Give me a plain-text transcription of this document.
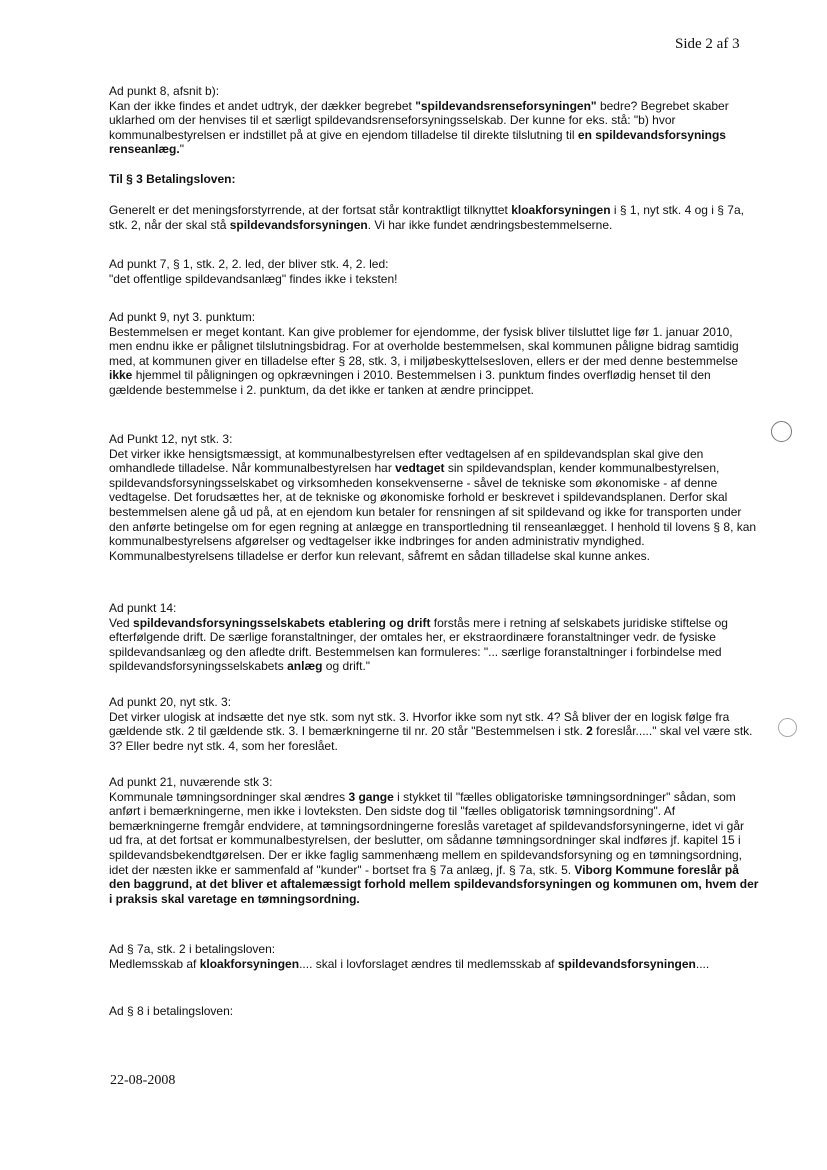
Side 2 af 3

Ad punkt 8, afsnit b):

Kan der ikke findes et andet udtryk, der dækker begrebet "spildevandsrenseforsyningen" bedre? Begrebet skaber uklarhed om der henvises til et særligt spildevandsrenseforsyningsselskab. Der kunne for eks. stå: "b) hvor kommunalbestyrelsen er indstillet på at give en ejendom tilladelse til direkte tilslutning til en spildevandsforsynings renseanlæg."

Til § 3 Betalingsloven:

Generelt er det meningsforstyrrende, at der fortsat står kontraktligt tilknyttet kloakforsyningen i § 1, nyt stk. 4 og i § 7a, stk. 2, når der skal stå spildevandsforsyningen. Vi har ikke fundet ændringsbestemmelserne.

Ad punkt 7, § 1, stk. 2, 2. led, der bliver stk. 4, 2. led:

"det offentlige spildevandsanlæg" findes ikke i teksten!

Ad punkt 9, nyt 3. punktum:

Bestemmelsen er meget kontant. Kan give problemer for ejendomme, der fysisk bliver tilsluttet lige før 1. januar 2010, men endnu ikke er pålignet tilslutningsbidrag. For at overholde bestemmelsen, skal kommunen påligne bidrag samtidig med, at kommunen giver en tilladelse efter § 28, stk. 3, i miljøbeskyttelsesloven, ellers er der med denne bestemmelse ikke hjemmel til påligningen og opkrævningen i 2010. Bestemmelsen i 3. punktum findes overflødig henset til den gældende bestemmelse i 2. punktum, da det ikke er tanken at ændre princippet.

Ad Punkt 12, nyt stk. 3:

Det virker ikke hensigtsmæssigt, at kommunalbestyrelsen efter vedtagelsen af en spildevandsplan skal give den omhandlede tilladelse. Når kommunalbestyrelsen har vedtaget sin spildevandsplan, kender kommunalbestyrelsen, spildevandsforsyningsselskabet og virksomheden konsekvenserne - såvel de tekniske som økonomiske - af denne vedtagelse. Det forudsættes her, at de tekniske og økonomiske forhold er beskrevet i spildevandsplanen. Derfor skal bestemmelsen alene gå ud på, at en ejendom kun betaler for rensningen af sit spildevand og ikke for transporten under den anførte betingelse om for egen regning at anlægge en transportledning til renseanlægget. I henhold til lovens § 8, kan kommunalbestyrelsens afgørelser og vedtagelser ikke indbringes for anden administrativ myndighed. Kommunalbestyrelsens tilladelse er derfor kun relevant, såfremt en sådan tilladelse skal kunne ankes.

Ad punkt 14:

Ved spildevandsforsyningsselskabets etablering og drift forstås mere i retning af selskabets juridiske stiftelse og efterfølgende drift. De særlige foranstaltninger, der omtales her, er ekstraordinære foranstaltninger vedr. de fysiske spildevandsanlæg og den afledte drift. Bestemmelsen kan formuleres: "... særlige foranstaltninger i forbindelse med spildevandsforsyningsselskabets anlæg og drift."

Ad punkt 20, nyt stk. 3:

Det virker ulogisk at indsætte det nye stk. som nyt stk. 3. Hvorfor ikke som nyt stk. 4? Så bliver der en logisk følge fra gældende stk. 2 til gældende stk. 3. I bemærkningerne til nr. 20 står "Bestemmelsen i stk. 2 foreslår....." skal vel være stk. 3? Eller bedre nyt stk. 4, som her foreslået.

Ad punkt 21, nuværende stk 3:

Kommunale tømningsordninger skal ændres 3 gange i stykket til "fælles obligatoriske tømningsordninger" sådan, som anført i bemærkningerne, men ikke i lovteksten. Den sidste dog til "fælles obligatorisk tømningsordning". Af bemærkningerne fremgår endvidere, at tømningsordningerne foreslås varetaget af spildevandsforsyningerne, idet vi går ud fra, at det fortsat er kommunalbestyrelsen, der beslutter, om sådanne tømningsordninger skal indføres jf. kapitel 15 i spildevandsbekendtgørelsen. Der er ikke faglig sammenhæng mellem en spildevandsforsyning og en tømningsordning, idet der næsten ikke er sammenfald af "kunder" - bortset fra § 7a anlæg, jf. § 7a, stk. 5. Viborg Kommune foreslår på den baggrund, at det bliver et aftalemæssigt forhold mellem spildevandsforsyningen og kommunen om, hvem der i praksis skal varetage en tømningsordning.

Ad § 7a, stk. 2 i betalingsloven:

Medlemsskab af kloakforsyningen.... skal i lovforslaget ændres til medlemsskab af spildevandsforsyningen....

Ad § 8 i betalingsloven:

22-08-2008
